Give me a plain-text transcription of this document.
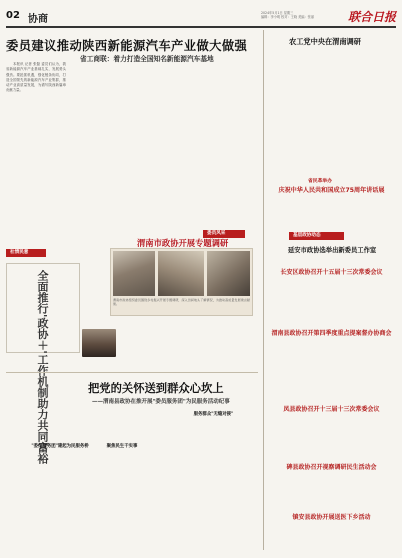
02 协商
2024年5月1日 星期三
编辑：李小明 校对：王晓 美编：张丽	联合日报
委员建议推动陕西新能源汽车产业做大做强
省工商联：着力打造全国知名新能源汽车基地

本报讯 记者 张磊 委员们认为，我省新能源汽车产业基础扎实，发展势头强劲。要抢抓机遇，强化链条协同，打造全国领先的新能源汽车产业集群，推动产业高质量发展，为谱写陕西新篇章贡献力量。

农工党中央在渭南调研
省民革举办
庆祝中华人民共和国成立75周年讲话展
基层政协动态
延安市政协选举出新委员工作室
社情民意
全面推行'政协＋'工作机制助力共同富裕
委员风采
渭南市政协开展专题调研
渭南市政协组织委员围绕乡村振兴开展专题调研，深入田间地头了解情况，为推动高质量发展建言献策。
把党的关怀送到群众心坎上
——渭南县政协在推开展"委员服务团"为民服务活动纪事
"委员服务团"建起为民服务桥	聚焦民生干实事
服务群众"无缝对接"
长安区政协召开十五届十三次常委会议
渭南县政协召开第四季度重点提案督办协商会
凤县政协召开十三届十三次常委会议
碑县政协召开视察调研民生活动会
镇安县政协开展送医下乡活动
